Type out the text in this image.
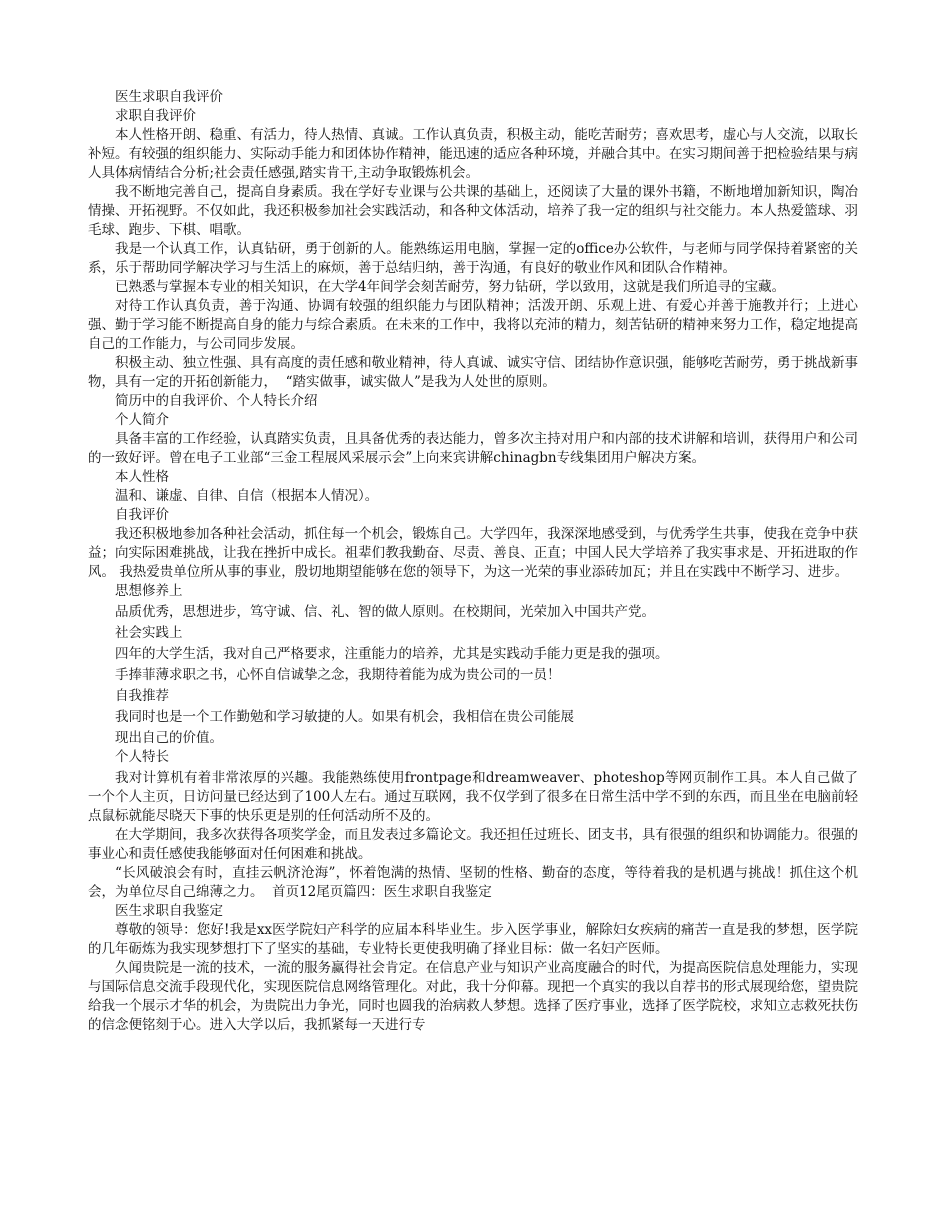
医生求职自我评价

求职自我评价

本人性格开朗、稳重、有活力，待人热情、真诚。工作认真负责，积极主动，能吃苦耐劳；喜欢思考，虚心与人交流，以取长补短。有较强的组织能力、实际动手能力和团体协作精神，能迅速的适应各种环境，并融合其中。在实习期间善于把检验结果与病人具体病情结合分析;社会责任感强,踏实肯干,主动争取锻炼机会。

我不断地完善自己，提高自身素质。我在学好专业课与公共课的基础上，还阅读了大量的课外书籍，不断地增加新知识，陶冶情操、开拓视野。不仅如此，我还积极参加社会实践活动，和各种文体活动，培养了我一定的组织与社交能力。本人热爱篮球、羽毛球、跑步、下棋、唱歌。

我是一个认真工作，认真钻研，勇于创新的人。能熟练运用电脑，掌握一定的office办公软件，与老师与同学保持着紧密的关系，乐于帮助同学解决学习与生活上的麻烦，善于总结归纳，善于沟通，有良好的敬业作风和团队合作精神。

已熟悉与掌握本专业的相关知识，在大学4年间学会刻苦耐劳，努力钻研，学以致用，这就是我们所追寻的宝藏。

对待工作认真负责，善于沟通、协调有较强的组织能力与团队精神；活泼开朗、乐观上进、有爱心并善于施教并行；上进心强、勤于学习能不断提高自身的能力与综合素质。在未来的工作中，我将以充沛的精力，刻苦钻研的精神来努力工作，稳定地提高自己的工作能力，与公司同步发展。

积极主动、独立性强、具有高度的责任感和敬业精神，待人真诚、诚实守信、团结协作意识强，能够吃苦耐劳，勇于挑战新事物，具有一定的开拓创新能力，  “踏实做事，诚实做人”是我为人处世的原则。

简历中的自我评价、个人特长介绍

个人简介

具备丰富的工作经验，认真踏实负责，且具备优秀的表达能力，曾多次主持对用户和内部的技术讲解和培训，获得用户和公司的一致好评。曾在电子工业部“三金工程展风采展示会”上向来宾讲解chinagbn专线集团用户解决方案。

本人性格

温和、谦虚、自律、自信（根据本人情况）。

自我评价

我还积极地参加各种社会活动，抓住每一个机会，锻炼自己。大学四年，我深深地感受到，与优秀学生共事，使我在竞争中获益；向实际困难挑战，让我在挫折中成长。祖辈们教我勤奋、尽责、善良、正直；中国人民大学培养了我实事求是、开拓进取的作风。 我热爱贵单位所从事的事业，殷切地期望能够在您的领导下，为这一光荣的事业添砖加瓦；并且在实践中不断学习、进步。

思想修养上

品质优秀，思想进步，笃守诚、信、礼、智的做人原则。在校期间，光荣加入中国共产党。

社会实践上

四年的大学生活，我对自己严格要求，注重能力的培养，尤其是实践动手能力更是我的强项。

手捧菲薄求职之书，心怀自信诚挚之念，我期待着能为成为贵公司的一员！

自我推荐

我同时也是一个工作勤勉和学习敏捷的人。如果有机会，我相信在贵公司能展

现出自己的价值。

个人特长

我对计算机有着非常浓厚的兴趣。我能熟练使用frontpage和dreamweaver、photeshop等网页制作工具。本人自己做了一个个人主页，日访问量已经达到了100人左右。通过互联网，我不仅学到了很多在日常生活中学不到的东西，而且坐在电脑前轻点鼠标就能尽晓天下事的快乐更是别的任何活动所不及的。

在大学期间，我多次获得各项奖学金，而且发表过多篇论文。我还担任过班长、团支书，具有很强的组织和协调能力。很强的事业心和责任感使我能够面对任何困难和挑战。

“长风破浪会有时，直挂云帆济沧海”，怀着饱满的热情、坚韧的性格、勤奋的态度，等待着我的是机遇与挑战！抓住这个机会，为单位尽自己绵薄之力。  首页12尾页篇四：医生求职自我鉴定

医生求职自我鉴定

尊敬的领导：您好!我是xx医学院妇产科学的应届本科毕业生。步入医学事业，解除妇女疾病的痛苦一直是我的梦想，医学院的几年砺炼为我实现梦想打下了坚实的基础，专业特长更使我明确了择业目标：做一名妇产医师。

久闻贵院是一流的技术，一流的服务赢得社会肯定。在信息产业与知识产业高度融合的时代，为提高医院信息处理能力，实现与国际信息交流手段现代化，实现医院信息网络管理化。对此，我十分仰幕。现把一个真实的我以自荐书的形式展现给您，望贵院给我一个展示才华的机会，为贵院出力争光，同时也圆我的治病救人梦想。选择了医疗事业，选择了医学院校，求知立志救死扶伤的信念便铭刻于心。进入大学以后，我抓紧每一天进行专
